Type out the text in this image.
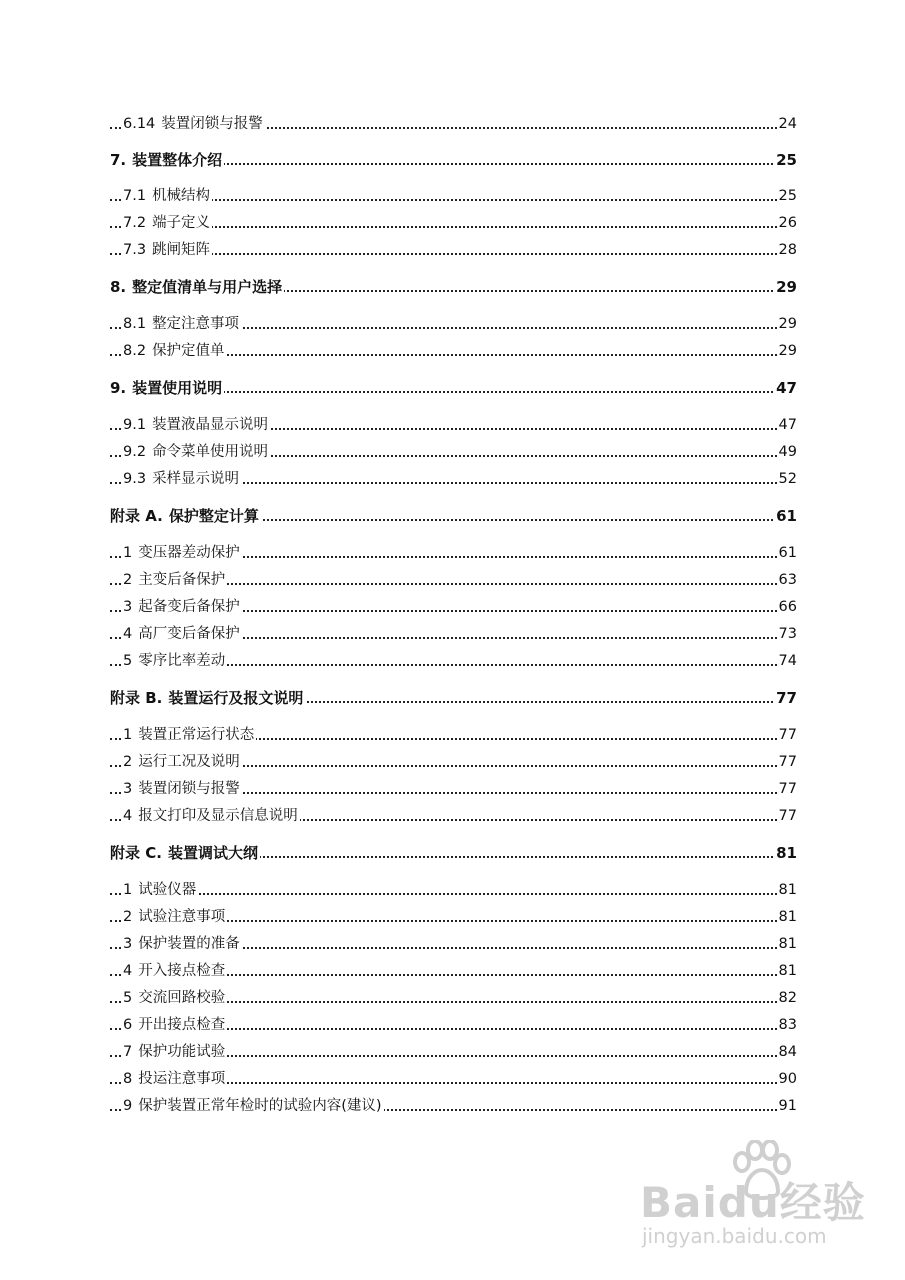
6.14 装置闭锁与报警	24
7. 装置整体介绍	25
7.1 机械结构	25
7.2 端子定义	26
7.3 跳闸矩阵	28
8. 整定值清单与用户选择	29
8.1 整定注意事项	29
8.2 保护定值单	29
9. 装置使用说明	47
9.1 装置液晶显示说明	47
9.2 命令菜单使用说明	49
9.3 采样显示说明	52
附录 A. 保护整定计算	61
1 变压器差动保护	61
2 主变后备保护	63
3 起备变后备保护	66
4 高厂变后备保护	73
5 零序比率差动	74
附录 B. 装置运行及报文说明	77
1 装置正常运行状态	77
2 运行工况及说明	77
3 装置闭锁与报警	77
4 报文打印及显示信息说明	77
附录 C. 装置调试大纲	81
1 试验仪器	81
2 试验注意事项	81
3 保护装置的准备	81
4 开入接点检查	81
5 交流回路校验	82
6 开出接点检查	83
7 保护功能试验	84
8 投运注意事项	90
9 保护装置正常年检时的试验内容(建议)	91
Baidu经验
jingyan.baidu.com
